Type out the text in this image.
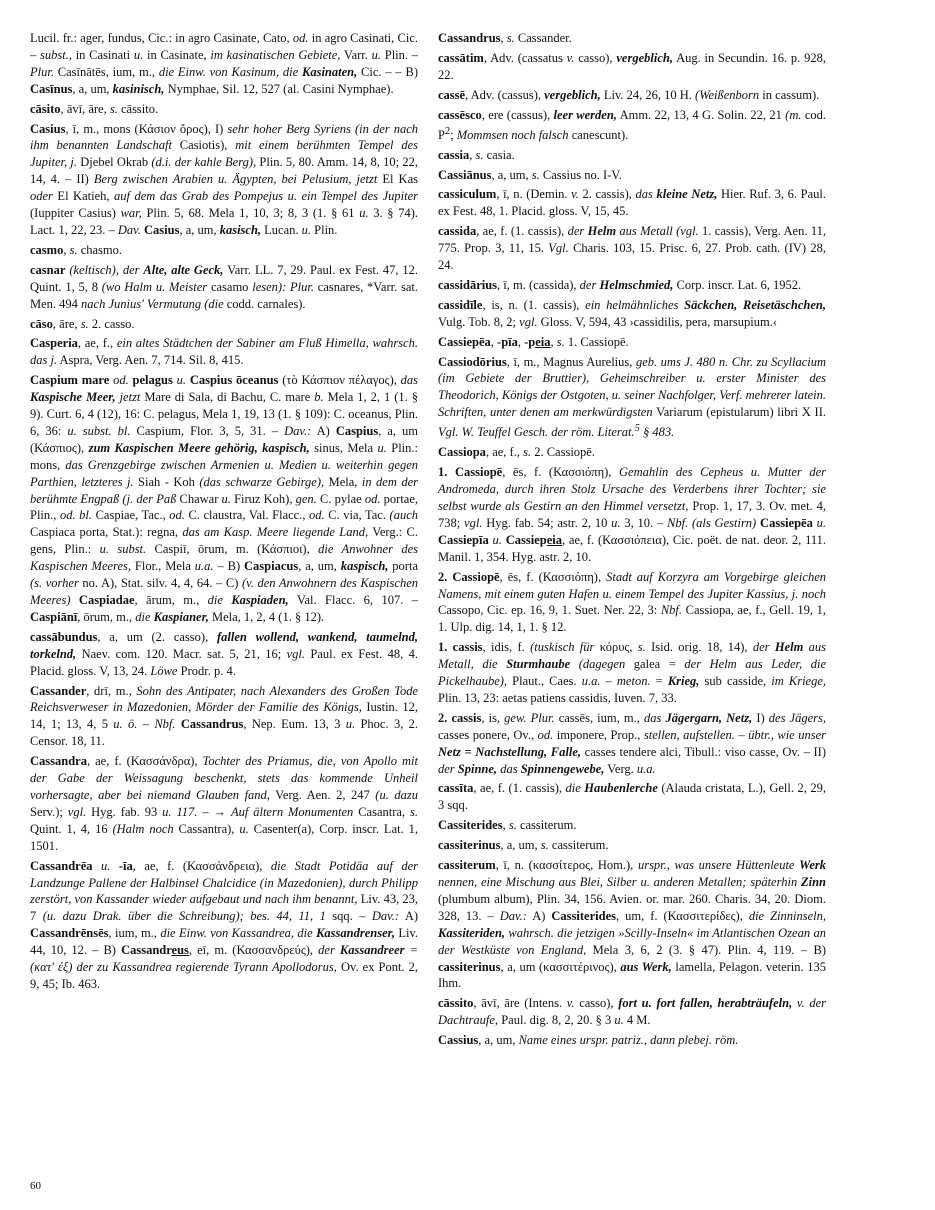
Lucil. fr.: ager, fundus, Cic.: in agro Casinate, Cato, od. in agro Casinati, Cic. – subst., in Casinati u. in Casinate, im kasinatischen Gebiete, Varr. u. Plin. – Plur. Casīnātēs, ium, m., die Einw. von Kasinum, die Kasinaten, Cic. – – B) Casīnus, a, um, kasinisch, Nymphae, Sil. 12, 527 (al. Casini Nymphae).
cāsito, āvī, āre, s. cāssito.
Casius, ī, m., mons (Κάσιον ὄρος), I) sehr hoher Berg Syriens (in der nach ihm benannten Landschaft Casiotis), mit einem berühmten Tempel des Jupiter, j. Djebel Okrab (d.i. der kahle Berg), Plin. 5, 80. Amm. 14, 8, 10; 22, 14, 4. – II) Berg zwischen Arabien u. Ägypten, bei Pelusium, jetzt El Kas oder El Katieh, auf dem das Grab des Pompejus u. ein Tempel des Jupiter (Iuppiter Casius) war, Plin. 5, 68. Mela 1, 10, 3; 8, 3 (1. § 61 u. 3. § 74). Lact. 1, 22, 23. – Dav. Casius, a, um, kasisch, Lucan. u. Plin.
casmo, s. chasmo.
casnar (keltisch), der Alte, alte Geck, Varr. LL. 7, 29. Paul. ex Fest. 47, 12. Quint. 1, 5, 8 (wo Halm u. Meister casamo lesen): Plur. casnares, *Varr. sat. Men. 494 nach Junius' Vermutung (die codd. carnales).
cāso, āre, s. 2. casso.
Casperia, ae, f., ein altes Städtchen der Sabiner am Fluß Himella, wahrsch. das j. Aspra, Verg. Aen. 7, 714. Sil. 8, 415.
Caspium mare od. pelagus u. Caspius ōceanus (τὸ Κάσπιον πέλαγος), das Kaspische Meer, jetzt Mare di Sala, di Bachu, C. mare b. Mela 1, 2, 1 (1. § 9). Curt. 6, 4 (12), 16: C. pelagus, Mela 1, 19, 13 (1. § 109): C. oceanus, Plin. 6, 36: u. subst. bl. Caspium, Flor. 3, 5, 31. – Dav.: A) Caspius, a, um (Κάσπιος), zum Kaspischen Meere gehörig, kaspisch, sinus, Mela u. Plin.: mons, das Grenzgebirge zwischen Armenien u. Medien u. weiterhin gegen Parthien, letzteres j. Siah - Koh (das schwarze Gebirge), Mela, in dem der berühmte Engpaß (j. der Paß Chawar u. Firuz Koh), gen. C. pylae od. portae, Plin., od. bl. Caspiae, Tac., od. C. claustra, Val. Flacc., od. C. via, Tac. (auch Caspiaca porta, Stat.): regna, das am Kasp. Meere liegende Land, Verg.: C. gens, Plin.: u. subst. Caspiī, ōrum, m. (Κάσπιοι), die Anwohner des Kaspischen Meeres, Flor., Mela u.a. – B) Caspiacus, a, um, kaspisch, porta (s. vorher no. A), Stat. silv. 4, 4, 64. – C) (v. den Anwohnern des Kaspischen Meeres) Caspiadae, ārum, m., die Kaspiaden, Val. Flacc. 6, 107. – Caspiānī, ōrum, m., die Kaspianer, Mela, 1, 2, 4 (1. § 12).
cassābundus, a, um (2. casso), fallen wollend, wankend, taumelnd, torkelnd, Naev. com. 120. Macr. sat. 5, 21, 16; vgl. Paul. ex Fest. 48, 4. Placid. gloss. V, 13, 24. Löwe Prodr. p. 4.
Cassander, drī, m., Sohn des Antipater, nach Alexanders des Großen Tode Reichsverweser in Mazedonien, Mörder der Familie des Königs, Iustin. 12, 14, 1; 13, 4, 5 u. ö. – Nbf. Cassandrus, Nep. Eum. 13, 3 u. Phoc. 3, 2. Censor. 18, 11.
Cassandra, ae, f. (Κασσάνδρα), Tochter des Priamus, die, von Apollo mit der Gabe der Weissagung beschenkt, stets das kommende Unheil vorhersagte, aber bei niemand Glauben fand, Verg. Aen. 2, 247 (u. dazu Serv.); vgl. Hyg. fab. 93 u. 117. – → Auf ältern Monumenten Casantra, s. Quint. 1, 4, 16 (Halm noch Cassantra), u. Casenter(a), Corp. inscr. Lat. 1, 1501.
Cassandrēa u. -īa, ae, f. (Κασσάνδρεια), die Stadt Potidäa auf der Landzunge Pallene der Halbinsel Chalcidice (in Mazedonien), durch Philipp zerstört, von Kassander wieder aufgebaut und nach ihm benannt, Liv. 43, 23, 7 (u. dazu Drak. über die Schreibung); bes. 44, 11, 1 sqq. – Dav.: A) Cassandrēnsēs, ium, m., die Einw. von Kassandrea, die Kassandrenser, Liv. 44, 10, 12. – B) Cassandreus, eī, m. (Κασσανδρεύς), der Kassandreer = (κατ' ἐξ) der zu Kassandrea regierende Tyrann Apollodorus, Ov. ex Pont. 2, 9, 45; Ib. 463.
Cassandrus, s. Cassander.
cassātim, Adv. (cassatus v. casso), vergeblich, Aug. in Secundin. 16. p. 928, 22.
cassē, Adv. (cassus), vergeblich, Liv. 24, 26, 10 H. (Weißenborn in cassum).
cassēsco, ere (cassus), leer werden, Amm. 22, 13, 4 G. Solin. 22, 21 (m. cod. $P^2$; Mommsen noch falsch canescunt).
cassia, s. casia.
Cassiānus, a, um, s. Cassius no. I-V.
cassiculum, ī, n. (Demin. v. 2. cassis), das kleine Netz, Hier. Ruf. 3, 6. Paul. ex Fest. 48, 1. Placid. gloss. V, 15, 45.
cassida, ae, f. (1. cassis), der Helm aus Metall (vgl. 1. cassis), Verg. Aen. 11, 775. Prop. 3, 11, 15. Vgl. Charis. 103, 15. Prisc. 6, 27. Prob. cath. (IV) 28, 24.
cassidārius, ī, m. (cassida), der Helmschmied, Corp. inscr. Lat. 6, 1952.
cassidīle, is, n. (1. cassis), ein helmähnliches Säckchen, Reisetäschchen, Vulg. Tob. 8, 2; vgl. Gloss. V, 594, 43 ›cassidilis, pera, marsupium.‹
Cassiepēa, -pīa, -peia, s. 1. Cassiopē.
Cassiodōrius, ī, m., Magnus Aurelius, geb. ums J. 480 n. Chr. zu Scyllacium (im Gebiete der Bruttier), Geheimschreiber u. erster Minister des Theodorich, Königs der Ostgoten, u. seiner Nachfolger, Verf. mehrerer latein. Schriften, unter denen am merkwürdigsten Variarum (epistularum) libri X II. Vgl. W. Teuffel Gesch. der röm. Literat.$^5$ § 483.
Cassiopa, ae, f., s. 2. Cassiopē.
1. Cassiopē, ēs, f. (Κασσιόπη), Gemahlin des Cepheus u. Mutter der Andromeda, durch ihren Stolz Ursache des Verderbens ihrer Tochter; sie selbst wurde als Gestirn an den Himmel versetzt, Prop. 1, 17, 3. Ov. met. 4, 738; vgl. Hyg. fab. 54; astr. 2, 10 u. 3, 10. – Nbf. (als Gestirn) Cassiepēa u. Cassiepīa u. Cassiepeia, ae, f. (Κασσιόπεια), Cic. poët. de nat. deor. 2, 111. Manil. 1, 354. Hyg. astr. 2, 10.
2. Cassiopē, ēs, f. (Κασσιόπη), Stadt auf Korzyra am Vorgebirge gleichen Namens, mit einem guten Hafen u. einem Tempel des Jupiter Kassius, j. noch Cassopo, Cic. ep. 16, 9, 1. Suet. Ner. 22, 3: Nbf. Cassiopa, ae, f., Gell. 19, 1, 1. Ulp. dig. 14, 1, 1. § 12.
1. cassis, idis, f. (tuskisch für κόρυς, s. Isid. orig. 18, 14), der Helm aus Metall, die Sturmhaube (dagegen galea = der Helm aus Leder, die Pickelhaube), Plaut., Caes. u.a. – meton. = Krieg, sub casside, im Kriege, Plin. 13, 23: aetas patiens cassidis, Iuven. 7, 33.
2. cassis, is, gew. Plur. cassēs, ium, m., das Jägergarn, Netz, I) des Jägers, casses ponere, Ov., od. imponere, Prop., stellen, aufstellen. – übtr., wie unser Netz = Nachstellung, Falle, casses tendere alci, Tibull.: viso casse, Ov. – II) der Spinne, das Spinnengewebe, Verg. u.a.
cassīta, ae, f. (1. cassis), die Haubenlerche (Alauda cristata, L.), Gell. 2, 29, 3 sqq.
Cassiterides, s. cassiterum.
cassiterinus, a, um, s. cassiterum.
cassiterum, ī, n. (κασσίτερος, Hom.), urspr., was unsere Hüttenleute Werk nennen, eine Mischung aus Blei, Silber u. anderen Metallen; späterhin Zinn (plumbum album), Plin. 34, 156. Avien. or. mar. 260. Charis. 34, 20. Diom. 328, 13. – Dav.: A) Cassiterides, um, f. (Κασσιτερίδες), die Zinninseln, Kassiteriden, wahrsch. die jetzigen »Scilly-Inseln« im Atlantischen Ozean an der Westküste von England, Mela 3, 6, 2 (3. § 47). Plin. 4, 119. – B) cassiterinus, a, um (κασσιτέρινος), aus Werk, lamella, Pelagon. veterin. 135 Ihm.
cāssito, āvī, āre (Intens. v. casso), fort u. fort fallen, herabträufeln, v. der Dachtraufe, Paul. dig. 8, 2, 20. § 3 u. 4 M.
Cassius, a, um, Name eines urspr. patriz., dann plebej. röm.
60
